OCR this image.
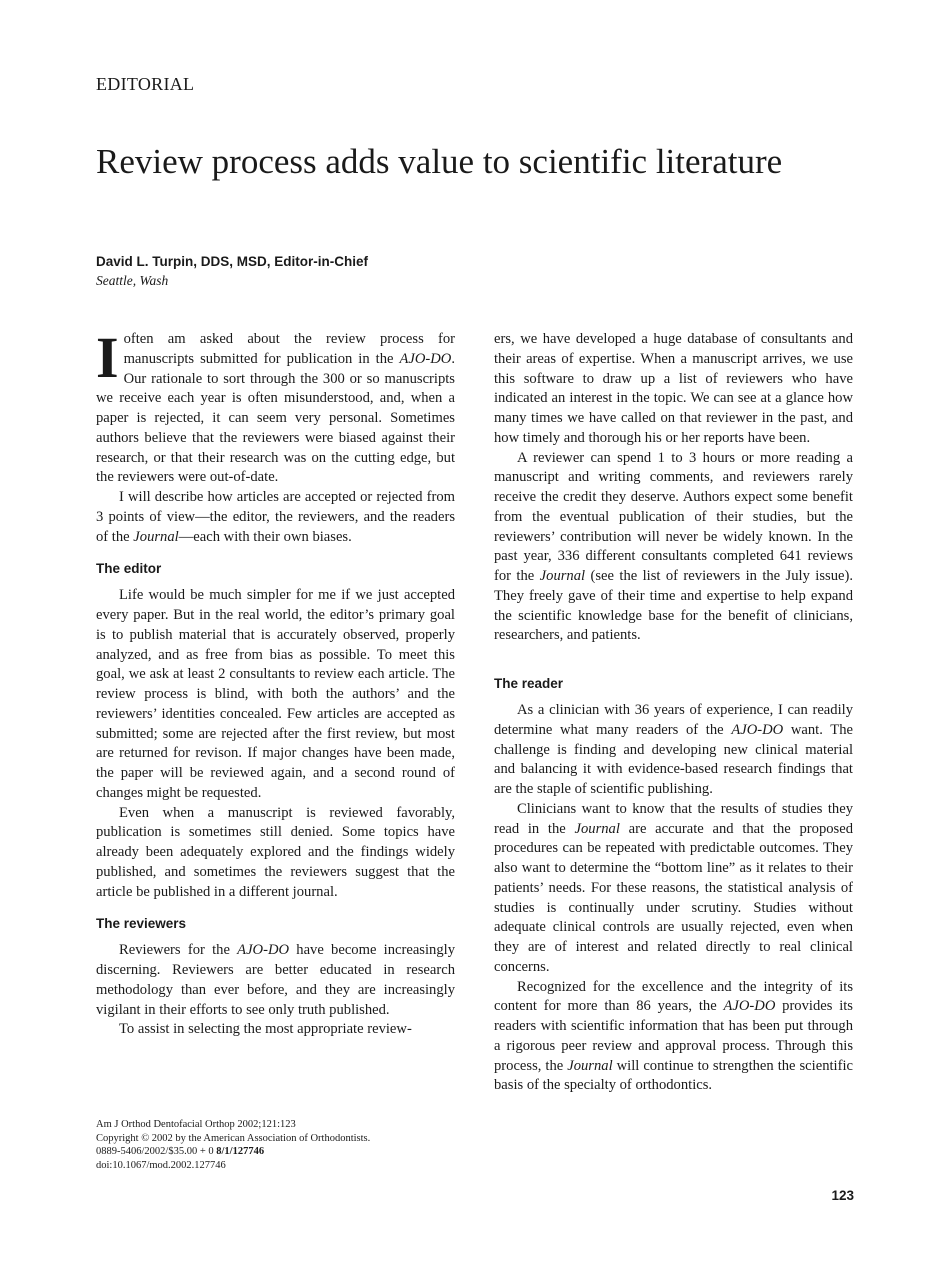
EDITORIAL
Review process adds value to scientific literature
David L. Turpin, DDS, MSD, Editor-in-Chief
Seattle, Wash

I often am asked about the review process for manuscripts submitted for publication in the AJO-DO. Our rationale to sort through the 300 or so manuscripts we receive each year is often misunderstood, and, when a paper is rejected, it can seem very personal. Sometimes authors believe that the reviewers were biased against their research, or that their research was on the cutting edge, but the reviewers were out-of-date.

I will describe how articles are accepted or rejected from 3 points of view—the editor, the reviewers, and the readers of the Journal—each with their own biases.

The editor

Life would be much simpler for me if we just accepted every paper. But in the real world, the editor’s primary goal is to publish material that is accurately observed, properly analyzed, and as free from bias as possible. To meet this goal, we ask at least 2 consultants to review each article. The review process is blind, with both the authors’ and the reviewers’ identities concealed. Few articles are accepted as submitted; some are rejected after the first review, but most are returned for revison. If major changes have been made, the paper will be reviewed again, and a second round of changes might be requested.

Even when a manuscript is reviewed favorably, publication is sometimes still denied. Some topics have already been adequately explored and the findings widely published, and sometimes the reviewers suggest that the article be published in a different journal.

The reviewers

Reviewers for the AJO-DO have become increasingly discerning. Reviewers are better educated in research methodology than ever before, and they are increasingly vigilant in their efforts to see only truth published.

To assist in selecting the most appropriate review-

ers, we have developed a huge database of consultants and their areas of expertise. When a manuscript arrives, we use this software to draw up a list of reviewers who have indicated an interest in the topic. We can see at a glance how many times we have called on that reviewer in the past, and how timely and thorough his or her reports have been.

A reviewer can spend 1 to 3 hours or more reading a manuscript and writing comments, and reviewers rarely receive the credit they deserve. Authors expect some benefit from the eventual publication of their studies, but the reviewers’ contribution will never be widely known. In the past year, 336 different consultants completed 641 reviews for the Journal (see the list of reviewers in the July issue). They freely gave of their time and expertise to help expand the scientific knowledge base for the benefit of clinicians, researchers, and patients.

The reader

As a clinician with 36 years of experience, I can readily determine what many readers of the AJO-DO want. The challenge is finding and developing new clinical material and balancing it with evidence-based research findings that are the staple of scientific publishing.

Clinicians want to know that the results of studies they read in the Journal are accurate and that the proposed procedures can be repeated with predictable outcomes. They also want to determine the “bottom line” as it relates to their patients’ needs. For these reasons, the statistical analysis of studies is continually under scrutiny. Studies without adequate clinical controls are usually rejected, even when they are of interest and related directly to real clinical concerns.

Recognized for the excellence and the integrity of its content for more than 86 years, the AJO-DO provides its readers with scientific information that has been put through a rigorous peer review and approval process. Through this process, the Journal will continue to strengthen the scientific basis of the specialty of orthodontics.

Am J Orthod Dentofacial Orthop 2002;121:123
Copyright © 2002 by the American Association of Orthodontists.
0889-5406/2002/$35.00 + 0 8/1/127746
doi:10.1067/mod.2002.127746
123
